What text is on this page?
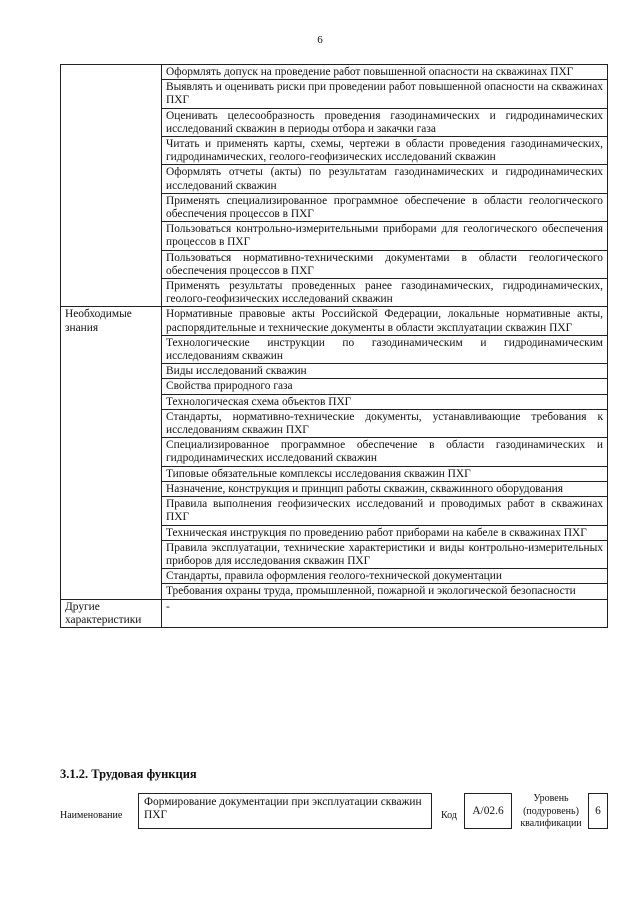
6
	Оформлять допуск на проведение работ повышенной опасности на скважинах ПХГ
	Выявлять и оценивать риски при проведении работ повышенной опасности на скважинах ПХГ
	Оценивать целесообразность проведения газодинамических и гидродинамических исследований скважин в периоды отбора и закачки газа
	Читать и применять карты, схемы, чертежи в области проведения газодинамических, гидродинамических, геолого-геофизических исследований скважин
	Оформлять отчеты (акты) по результатам газодинамических и гидродинамических исследований скважин
	Применять специализированное программное обеспечение в области геологического обеспечения процессов в ПХГ
	Пользоваться контрольно-измерительными приборами для геологического обеспечения процессов в ПХГ
	Пользоваться нормативно-техническими документами в области геологического обеспечения процессов в ПХГ
	Применять результаты проведенных ранее газодинамических, гидродинамических, геолого-геофизических исследований скважин
Необходимые знания	Нормативные правовые акты Российской Федерации, локальные нормативные акты, распорядительные и технические документы в области эксплуатации скважин ПХГ
	Технологические инструкции по газодинамическим и гидродинамическим исследованиям скважин
	Виды исследований скважин
	Свойства природного газа
	Технологическая схема объектов ПХГ
	Стандарты, нормативно-технические документы, устанавливающие требования к исследованиям скважин ПХГ
	Специализированное программное обеспечение в области газодинамических и гидродинамических исследований скважин
	Типовые обязательные комплексы исследования скважин ПХГ
	Назначение, конструкция и принцип работы скважин, скважинного оборудования
	Правила выполнения геофизических исследований и проводимых работ в скважинах ПХГ
	Техническая инструкция по проведению работ приборами на кабеле в скважинах ПХГ
	Правила эксплуатации, технические характеристики и виды контрольно-измерительных приборов для исследования скважин ПХГ
	Стандарты, правила оформления геолого-технической документации
	Требования охраны труда, промышленной, пожарной и экологической безопасности
Другие характеристики	-
3.1.2. Трудовая функция
Наименование
Формирование документации при эксплуатации скважин ПХГ	Код	А/02.6
Уровень (подуровень) квалификации
6
